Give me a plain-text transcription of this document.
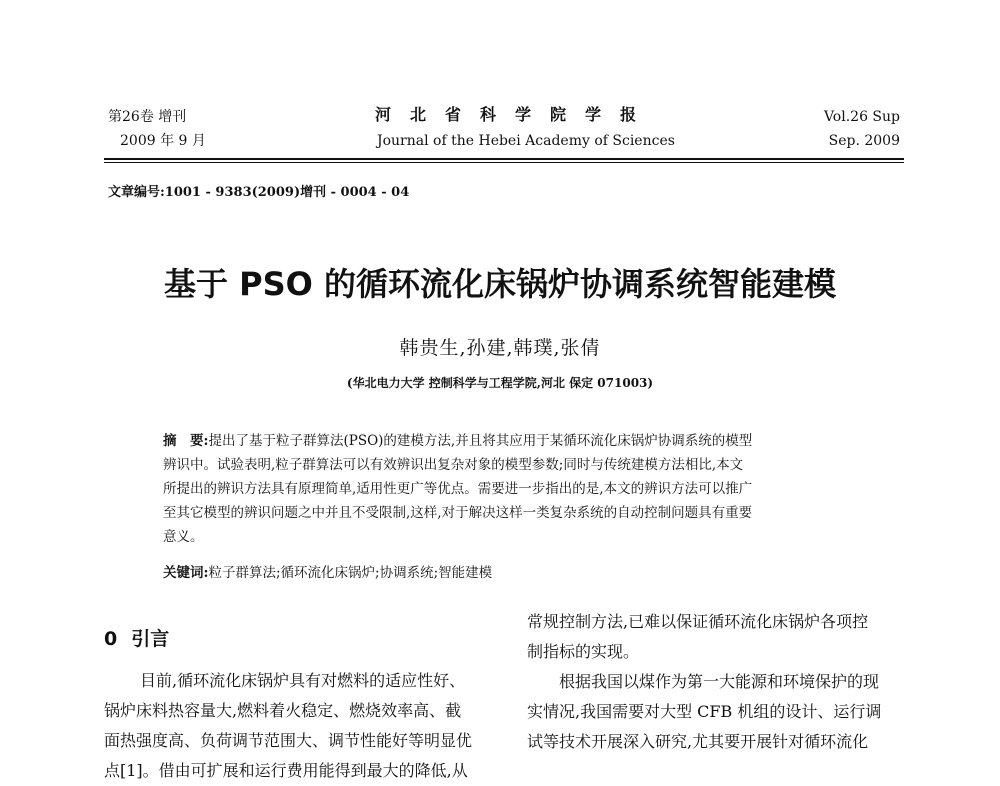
第26卷 增刊
2009 年 9 月
河北省科学院学报
Journal of the Hebei Academy of Sciences
Vol.26 Sup
Sep. 2009
文章编号:1001 - 9383(2009)增刊 - 0004 - 04
基于 PSO 的循环流化床锅炉协调系统智能建模
韩贵生,孙建,韩璞,张倩
(华北电力大学 控制科学与工程学院,河北 保定 071003)
摘　要:提出了基于粒子群算法(PSO)的建模方法,并且将其应用于某循环流化床锅炉协调系统的模型
辨识中。试验表明,粒子群算法可以有效辨识出复杂对象的模型参数;同时与传统建模方法相比,本文
所提出的辨识方法具有原理简单,适用性更广等优点。需要进一步指出的是,本文的辨识方法可以推广
至其它模型的辨识问题之中并且不受限制,这样,对于解决这样一类复杂系统的自动控制问题具有重要
意义。
关键词:粒子群算法;循环流化床锅炉;协调系统;智能建模
0 引言
目前,循环流化床锅炉具有对燃料的适应性好、
锅炉床料热容量大,燃料着火稳定、燃烧效率高、截
面热强度高、负荷调节范围大、调节性能好等明显优
点[1]。借由可扩展和运行费用能得到最大的降低,从
常规控制方法,已难以保证循环流化床锅炉各项控
制指标的实现。
根据我国以煤作为第一大能源和环境保护的现
实情况,我国需要对大型 CFB 机组的设计、运行调
试等技术开展深入研究,尤其要开展针对循环流化
